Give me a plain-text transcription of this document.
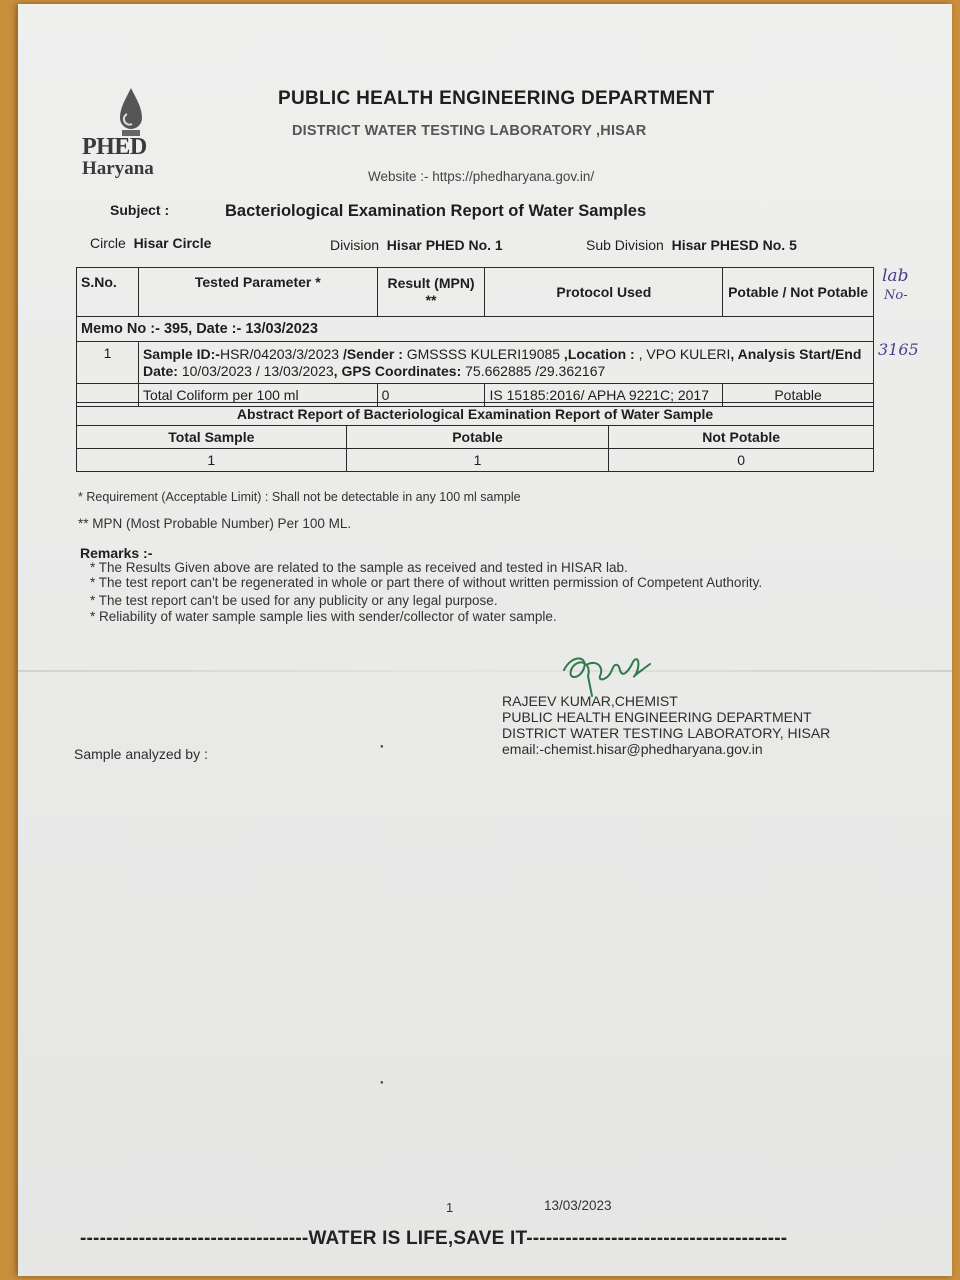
PHED
Haryana
PUBLIC HEALTH ENGINEERING DEPARTMENT
DISTRICT WATER TESTING LABORATORY ,HISAR
Website :- https://phedharyana.gov.in/
Subject :	Bacteriological Examination Report of Water Samples
Circle Hisar Circle	Division Hisar PHED No. 1	Sub Division Hisar PHESD No. 5
S.No.	Tested Parameter *	Result (MPN) **	Protocol Used	Potable / Not Potable
Memo No :- 395, Date :- 13/03/2023				
1	Sample ID:-HSR/04203/3/2023 /Sender : GMSSSS KULERI19085 ,Location : , VPO KULERI, Analysis Start/End Date: 10/03/2023 / 13/03/2023, GPS Coordinates: 75.662885 /29.362167			
	Total Coliform per 100 ml	0	IS 15185:2016/ APHA 9221C; 2017	Potable
Abstract Report of Bacteriological Examination Report of Water Sample		
Total Sample	Potable	Not Potable
1	1	0
* Requirement (Acceptable Limit) : Shall not be detectable in any 100 ml sample
** MPN (Most Probable Number) Per 100 ML.
Remarks :-
* The Results Given above are related to the sample as received and tested in HISAR lab.
* The test report can't be regenerated in whole or part there of without written permission of Competent Authority.
* The test report can't be used for any publicity or any legal purpose.
* Reliability of water sample sample lies with sender/collector of water sample.
RAJEEV KUMAR,CHEMIST
PUBLIC HEALTH ENGINEERING DEPARTMENT
DISTRICT WATER TESTING LABORATORY, HISAR
email:-chemist.hisar@phedharyana.gov.in
Sample analyzed by :	●
●
lab
No-
3165
1	13/03/2023
-----------------------------------WATER IS LIFE,SAVE IT----------------------------------------
